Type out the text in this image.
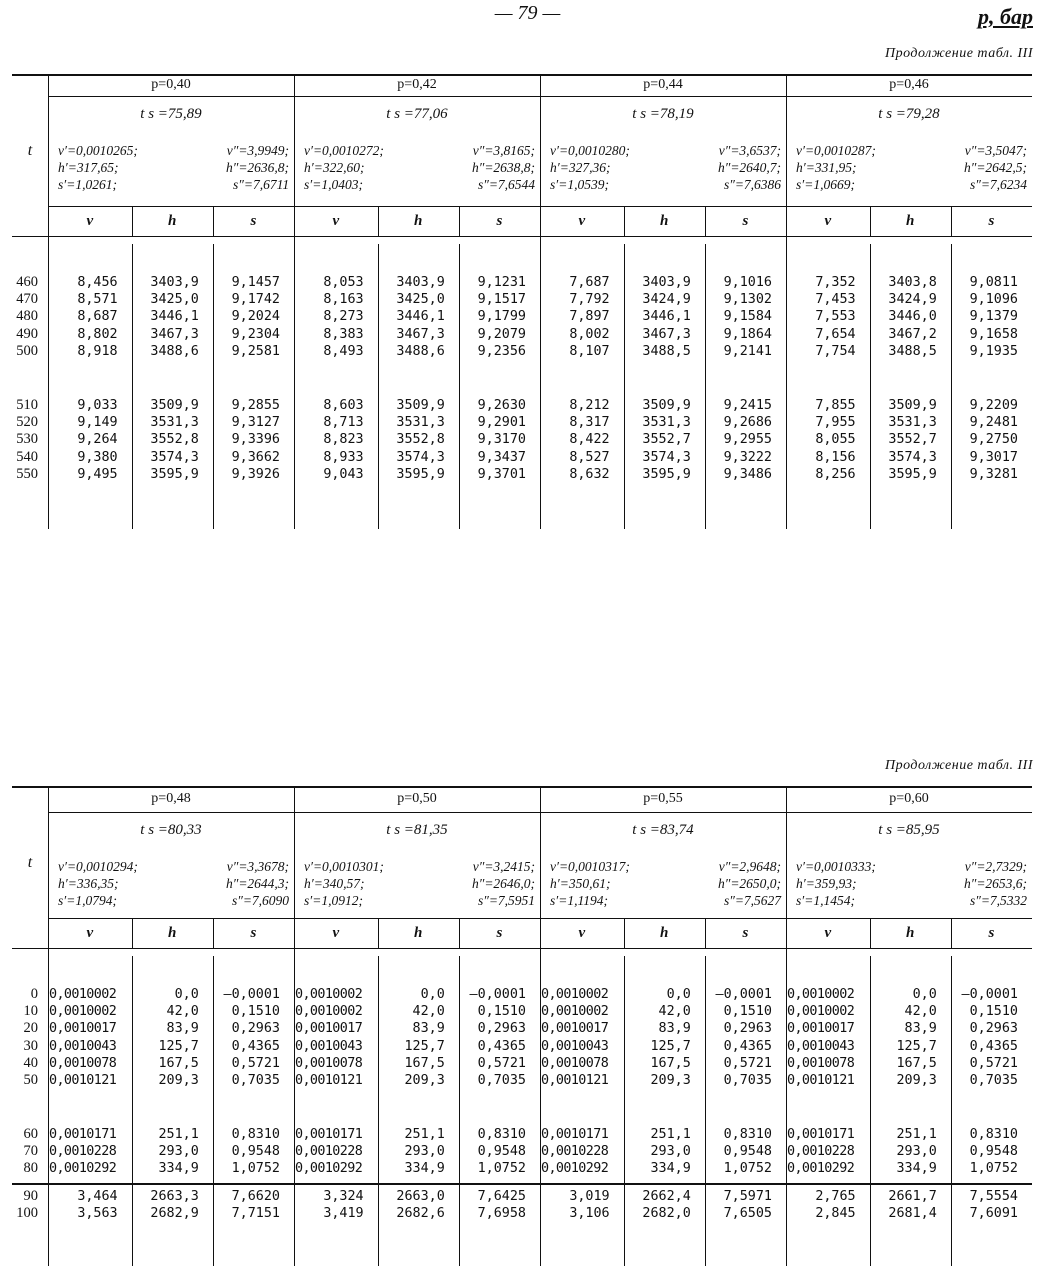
— 79 —	p, бар
Продолжение табл. III
t
p=0,40
t s =75,89
v′=0,0010265;	v″=3,9949;
h′=317,65;	h″=2636,8;
s′=1,0261;	s″=7,6711
v	h	s
p=0,42
t s =77,06
v′=0,0010272;	v″=3,8165;
h′=322,60;	h″=2638,8;
s′=1,0403;	s″=7,6544
v	h	s
p=0,44
t s =78,19
v′=0,0010280;	v″=3,6537;
h′=327,36;	h″=2640,7;
s′=1,0539;	s″=7,6386
v	h	s
p=0,46
t s =79,28
v′=0,0010287;	v″=3,5047;
h′=331,95;	h″=2642,5;
s′=1,0669;	s″=7,6234
v	h	s
460	8,456	3403,9	9,1457	8,053	3403,9	9,1231	7,687	3403,9	9,1016	7,352	3403,8	9,0811
470	8,571	3425,0	9,1742	8,163	3425,0	9,1517	7,792	3424,9	9,1302	7,453	3424,9	9,1096
480	8,687	3446,1	9,2024	8,273	3446,1	9,1799	7,897	3446,1	9,1584	7,553	3446,0	9,1379
490	8,802	3467,3	9,2304	8,383	3467,3	9,2079	8,002	3467,3	9,1864	7,654	3467,2	9,1658
500	8,918	3488,6	9,2581	8,493	3488,6	9,2356	8,107	3488,5	9,2141	7,754	3488,5	9,1935
510	9,033	3509,9	9,2855	8,603	3509,9	9,2630	8,212	3509,9	9,2415	7,855	3509,9	9,2209
520	9,149	3531,3	9,3127	8,713	3531,3	9,2901	8,317	3531,3	9,2686	7,955	3531,3	9,2481
530	9,264	3552,8	9,3396	8,823	3552,8	9,3170	8,422	3552,7	9,2955	8,055	3552,7	9,2750
540	9,380	3574,3	9,3662	8,933	3574,3	9,3437	8,527	3574,3	9,3222	8,156	3574,3	9,3017
550	9,495	3595,9	9,3926	9,043	3595,9	9,3701	8,632	3595,9	9,3486	8,256	3595,9	9,3281
Продолжение табл. III
t
p=0,48
t s =80,33
v′=0,0010294;	v″=3,3678;
h′=336,35;	h″=2644,3;
s′=1,0794;	s″=7,6090
v	h	s
p=0,50
t s =81,35
v′=0,0010301;	v″=3,2415;
h′=340,57;	h″=2646,0;
s′=1,0912;	s″=7,5951
v	h	s
p=0,55
t s =83,74
v′=0,0010317;	v″=2,9648;
h′=350,61;	h″=2650,0;
s′=1,1194;	s″=7,5627
v	h	s
p=0,60
t s =85,95
v′=0,0010333;	v″=2,7329;
h′=359,93;	h″=2653,6;
s′=1,1454;	s″=7,5332
v	h	s
0 0,0010002	0,0	—0,0001 0,0010002	0,0	—0,0001 0,0010002	0,0	—0,0001 0,0010002	0,0	—0,0001
10 0,0010002	42,0	0,1510 0,0010002	42,0	0,1510 0,0010002	42,0	0,1510 0,0010002	42,0	0,1510
20 0,0010017	83,9	0,2963 0,0010017	83,9	0,2963 0,0010017	83,9	0,2963 0,0010017	83,9	0,2963
30 0,0010043	125,7	0,4365 0,0010043	125,7	0,4365 0,0010043	125,7	0,4365 0,0010043	125,7	0,4365
40 0,0010078	167,5	0,5721 0,0010078	167,5	0,5721 0,0010078	167,5	0,5721 0,0010078	167,5	0,5721
50 0,0010121	209,3	0,7035 0,0010121	209,3	0,7035 0,0010121	209,3	0,7035 0,0010121	209,3	0,7035
60 0,0010171	251,1	0,8310 0,0010171	251,1	0,8310 0,0010171	251,1	0,8310 0,0010171	251,1	0,8310
70 0,0010228	293,0	0,9548 0,0010228	293,0	0,9548 0,0010228	293,0	0,9548 0,0010228	293,0	0,9548
80 0,0010292	334,9	1,0752 0,0010292	334,9	1,0752 0,0010292	334,9	1,0752 0,0010292	334,9	1,0752
90	3,464	2663,3	7,6620	3,324	2663,0	7,6425	3,019	2662,4	7,5971	2,765	2661,7	7,5554
100	3,563	2682,9	7,7151	3,419	2682,6	7,6958	3,106	2682,0	7,6505	2,845	2681,4	7,6091
